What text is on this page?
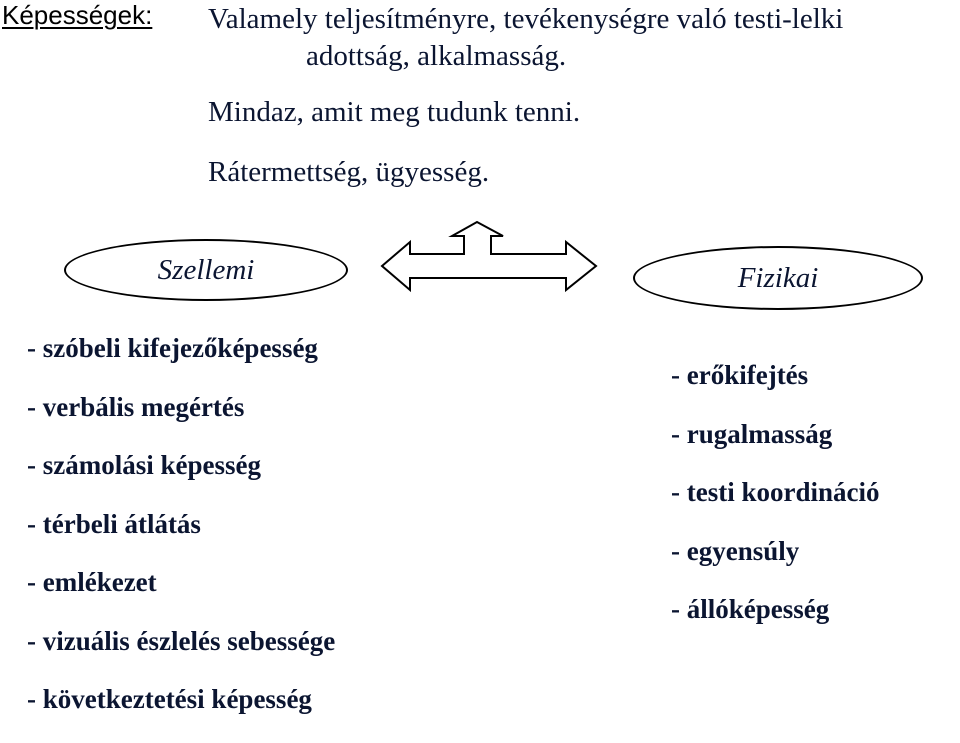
Képességek: Valamely teljesítményre, tevékenységre való testi-lelki
adottság, alkalmasság.
Mindaz, amit meg tudunk tenni.
Rátermettség, ügyesség.
Szellemi	Fizikai
- szóbeli kifejezőképesség
- verbális megértés
- számolási képesség
- térbeli átlátás
- emlékezet
- vizuális észlelés sebessége
- következtetési képesség
- erőkifejtés
- rugalmasság
- testi koordináció
- egyensúly
- állóképesség
